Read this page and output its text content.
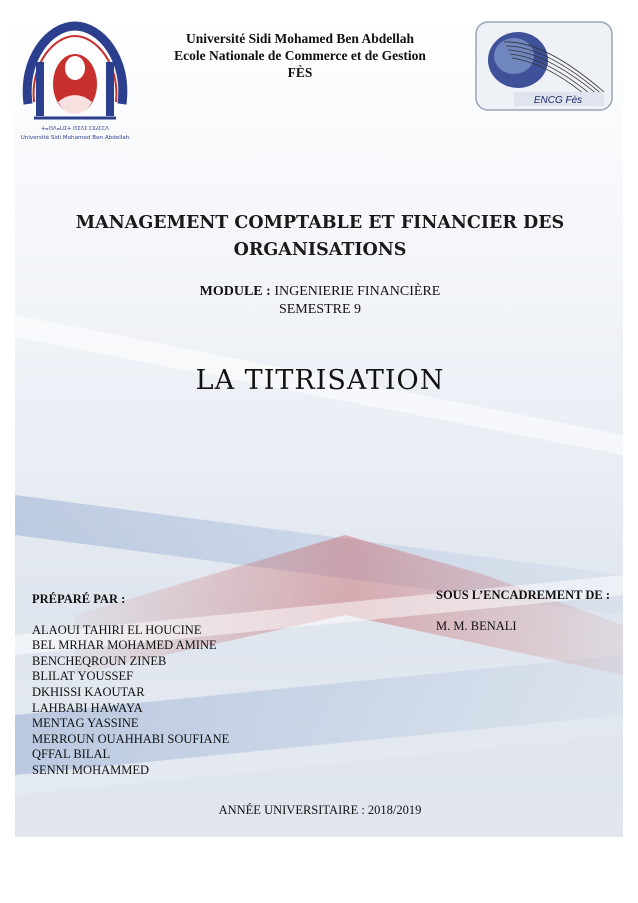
ⵜⴰⵙⴷⴰⵡⵉⵜ ⵙⵉⴷⵉ ⵎⵓⵃⵎⵎⴷ
Université Sidi Mohamed Ben Abdellah
Université Sidi Mohamed Ben Abdellah
Ecole Nationale de Commerce et de Gestion
FÈS
ENCG Fès
MANAGEMENT COMPTABLE ET FINANCIER DES
ORGANISATIONS
MODULE : INGENIERIE FINANCIÈRE
SEMESTRE 9
LA TITRISATION
PRÉPARÉ PAR :
ALAOUI TAHIRI EL HOUCINE
BEL MRHAR MOHAMED AMINE
BENCHEQROUN ZINEB
BLILAT YOUSSEF
DKHISSI KAOUTAR
LAHBABI HAWAYA
MENTAG YASSINE
MERROUN OUAHHABI SOUFIANE
QFFAL BILAL
SENNI MOHAMMED
SOUS L’ENCADREMENT DE :
M. M. BENALI
ANNÉE UNIVERSITAIRE : 2018/2019
